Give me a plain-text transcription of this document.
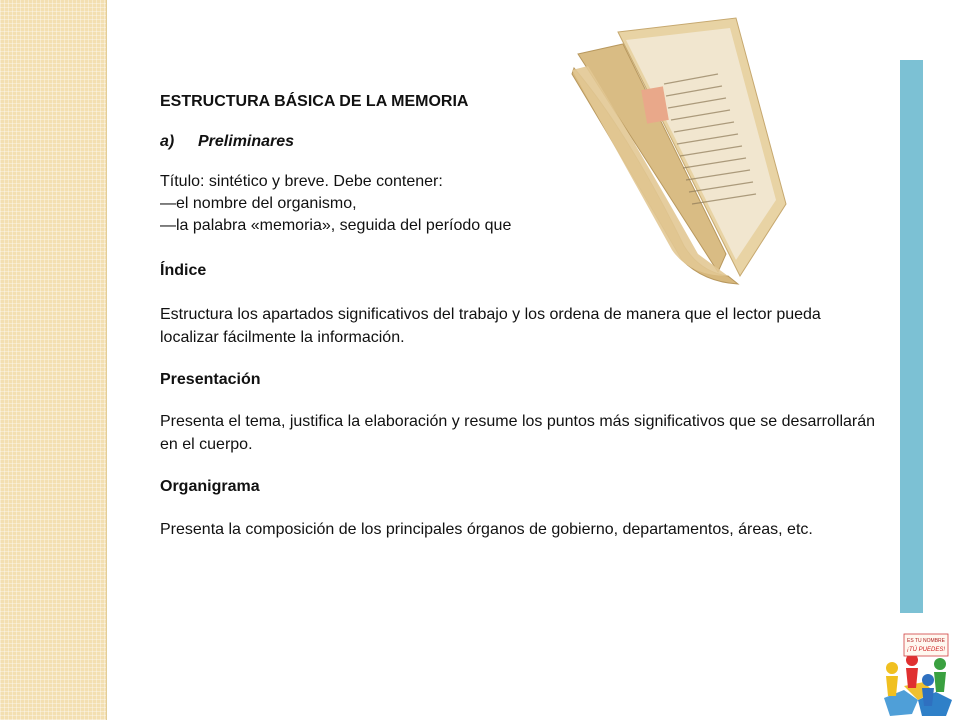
ES TU NOMBRE
¡TÚ PUEDES!
ESTRUCTURA BÁSICA DE LA MEMORIA
a) Preliminares
Título: sintético y breve. Debe contener:
—el nombre del organismo,
—la palabra «memoria», seguida del período que
Índice
Estructura los apartados significativos del trabajo y los ordena de manera que el lector pueda localizar fácilmente la información.
Presentación
Presenta el tema, justifica la elaboración y resume los puntos más significativos que se desarrollarán en el cuerpo.
Organigrama
Presenta la composición de los principales órganos de gobierno, departamentos, áreas, etc.
